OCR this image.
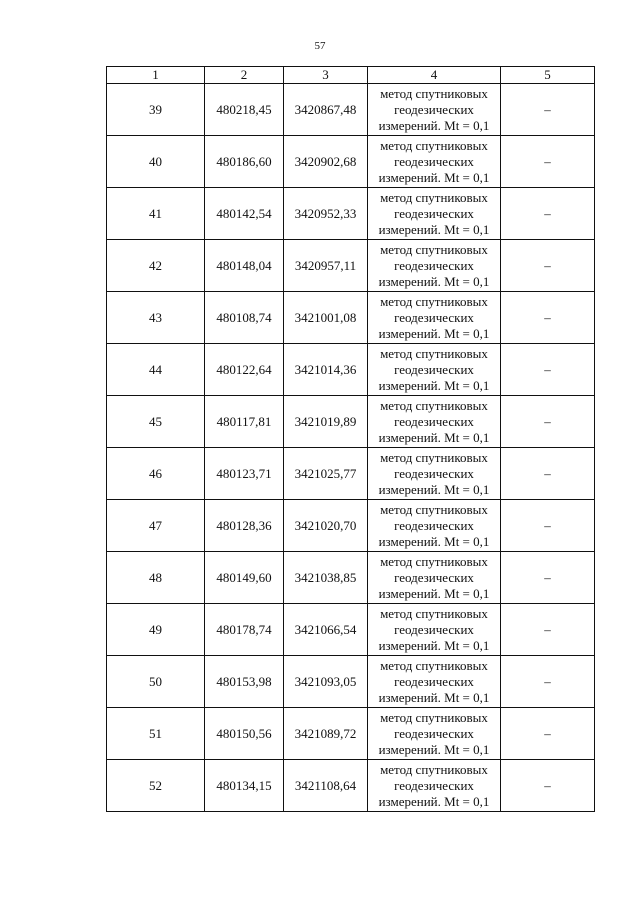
57
1	2	3	4	5
39	480218,45	3420867,48	метод спутниковых
геодезических
измерений. Mt = 0,1	–
40	480186,60	3420902,68	метод спутниковых
геодезических
измерений. Mt = 0,1	–
41	480142,54	3420952,33	метод спутниковых
геодезических
измерений. Mt = 0,1	–
42	480148,04	3420957,11	метод спутниковых
геодезических
измерений. Mt = 0,1	–
43	480108,74	3421001,08	метод спутниковых
геодезических
измерений. Mt = 0,1	–
44	480122,64	3421014,36	метод спутниковых
геодезических
измерений. Mt = 0,1	–
45	480117,81	3421019,89	метод спутниковых
геодезических
измерений. Mt = 0,1	–
46	480123,71	3421025,77	метод спутниковых
геодезических
измерений. Mt = 0,1	–
47	480128,36	3421020,70	метод спутниковых
геодезических
измерений. Mt = 0,1	–
48	480149,60	3421038,85	метод спутниковых
геодезических
измерений. Mt = 0,1	–
49	480178,74	3421066,54	метод спутниковых
геодезических
измерений. Mt = 0,1	–
50	480153,98	3421093,05	метод спутниковых
геодезических
измерений. Mt = 0,1	–
51	480150,56	3421089,72	метод спутниковых
геодезических
измерений. Mt = 0,1	–
52	480134,15	3421108,64	метод спутниковых
геодезических
измерений. Mt = 0,1	–
